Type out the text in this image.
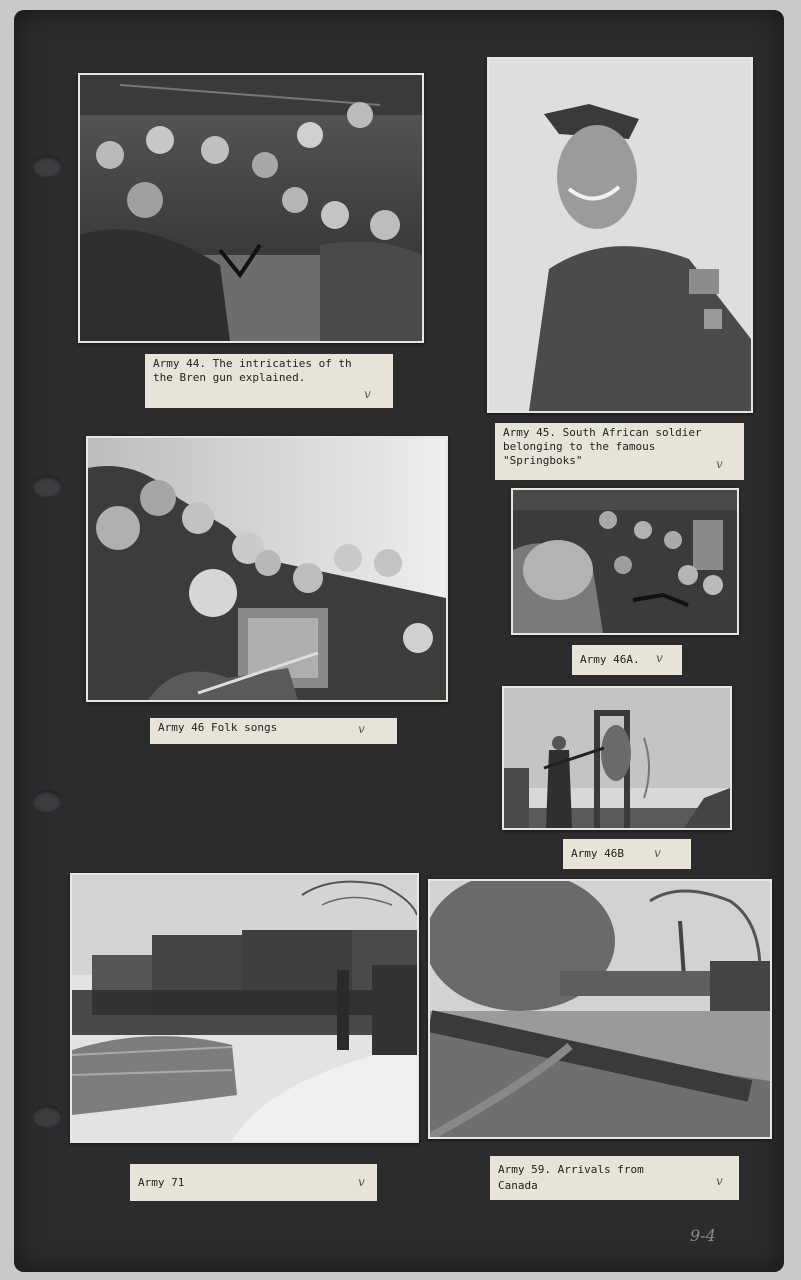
Army 44. The intricaties of th
the Bren gun explained.
v
Army 45. South African soldier
belonging to the famous
"Springboks"	v
Army 46 Folk songs	v
Army 46A.	v
Army 46B	v
Army 71	v
Army 59. Arrivals from
Canada	v
9-4
